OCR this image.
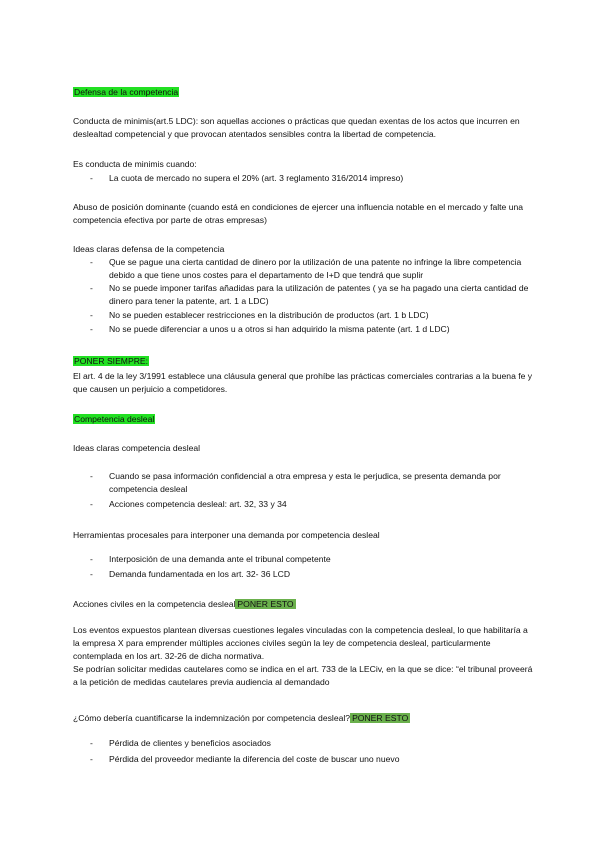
Defensa de la competencia
Conducta de minimis(art.5 LDC): son aquellas acciones o prácticas que quedan exentas de los actos que incurren en deslealtad competencial y que provocan atentados sensibles contra la libertad de competencia.
Es conducta de minimis cuando:
- La cuota de mercado no supera el 20% (art. 3 reglamento 316/2014 impreso)
Abuso de posición dominante (cuando está en condiciones de ejercer una influencia notable en el mercado y falte una competencia efectiva por parte de otras empresas)
Ideas claras defensa de la competencia
- Que se pague una cierta cantidad de dinero por la utilización de una patente no infringe la libre competencia debido a que tiene unos costes para el departamento de I+D que tendrá que suplir
- No se puede imponer tarifas añadidas para la utilización de patentes ( ya se ha pagado una cierta cantidad de dinero para tener la patente, art. 1 a LDC)
- No se pueden establecer restricciones en la distribución de productos (art. 1 b LDC)
- No se puede diferenciar a unos u a otros si han adquirido la misma patente (art. 1 d LDC)
PONER SIEMPRE:
El art. 4 de la ley 3/1991 establece una cláusula general que prohíbe las prácticas comerciales contrarias a la buena fe y que causen un perjuicio a competidores.
Competencia desleal
Ideas claras competencia desleal
- Cuando se pasa información confidencial a otra empresa y esta le perjudica, se presenta demanda por competencia desleal
- Acciones competencia desleal: art. 32, 33 y 34
Herramientas procesales para interponer una demanda por competencia desleal
- Interposición de una demanda ante el tribunal competente
- Demanda fundamentada en los art. 32- 36 LCD
Acciones civiles en la competencia desleal PONER ESTO

Los eventos expuestos plantean diversas cuestiones legales vinculadas con la competencia desleal, lo que habilitaría a la empresa X para emprender múltiples acciones civiles según la ley de competencia desleal, particularmente contemplada en los art. 32-26 de dicha normativa.

Se podrían solicitar medidas cautelares como se indica en el art. 733 de la LECiv, en la que se dice: “el tribunal proveerá a la petición de medidas cautelares previa audiencia al demandado

¿Cómo debería cuantificarse la indemnización por competencia desleal? PONER ESTO
- Pérdida de clientes y beneficios asociados
- Pérdida del proveedor mediante la diferencia del coste de buscar uno nuevo
